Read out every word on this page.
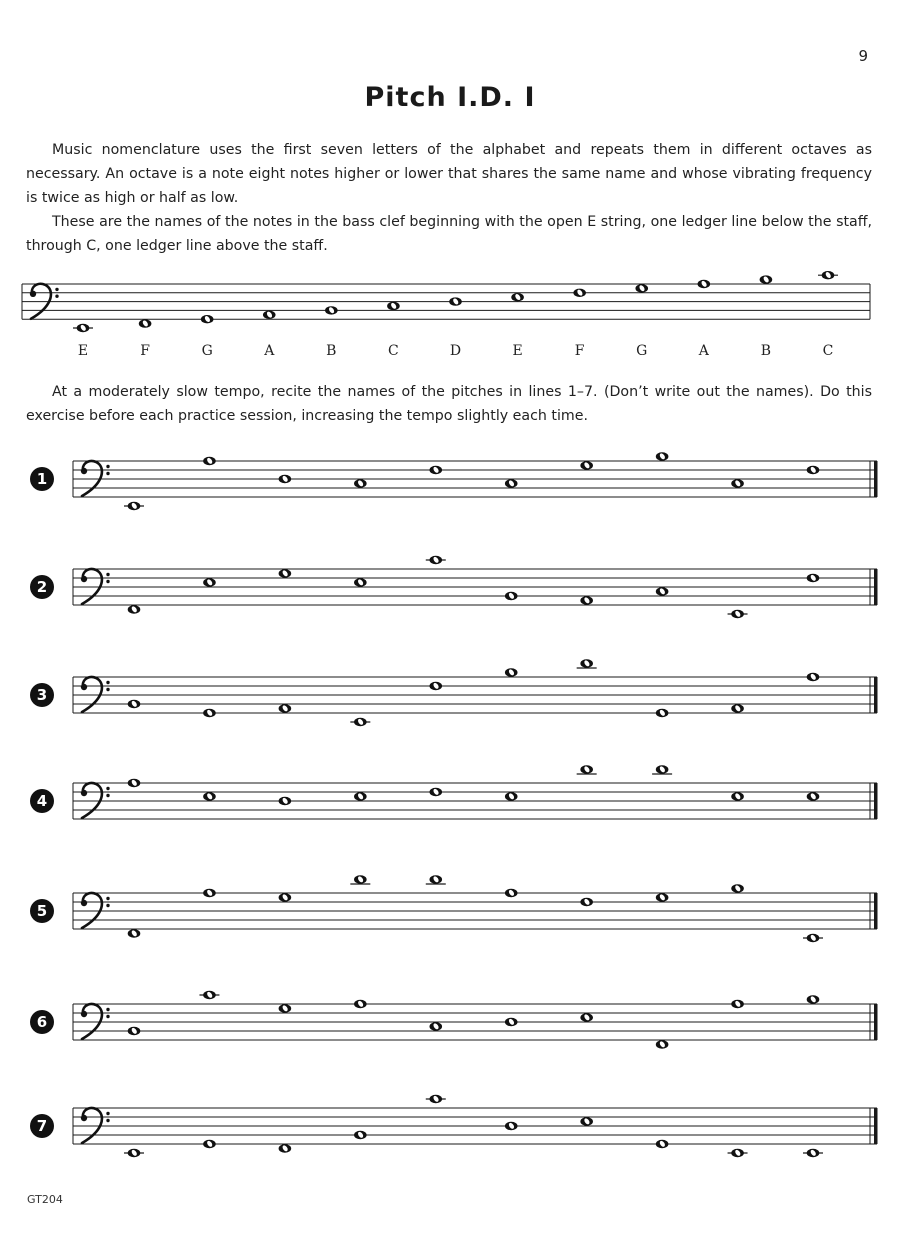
9
Pitch I.D. I

Music nomenclature uses the first seven letters of the alphabet and repeats them in different octaves as necessary. An octave is a note eight notes higher or lower that shares the same name and whose vibrating frequency is twice as high or half as low.

These are the names of the notes in the bass clef beginning with the open E string, one ledger line below the staff, through C, one ledger line above the staff.

E	F	G	A	B	C	D	E	F	G	A	B	C

At a moderately slow tempo, recite the names of the pitches in lines 1–7. (Don’t write out the names). Do this exercise before each practice session, increasing the tempo slightly each time.

1
2
3
4
5
6
7
GT204
